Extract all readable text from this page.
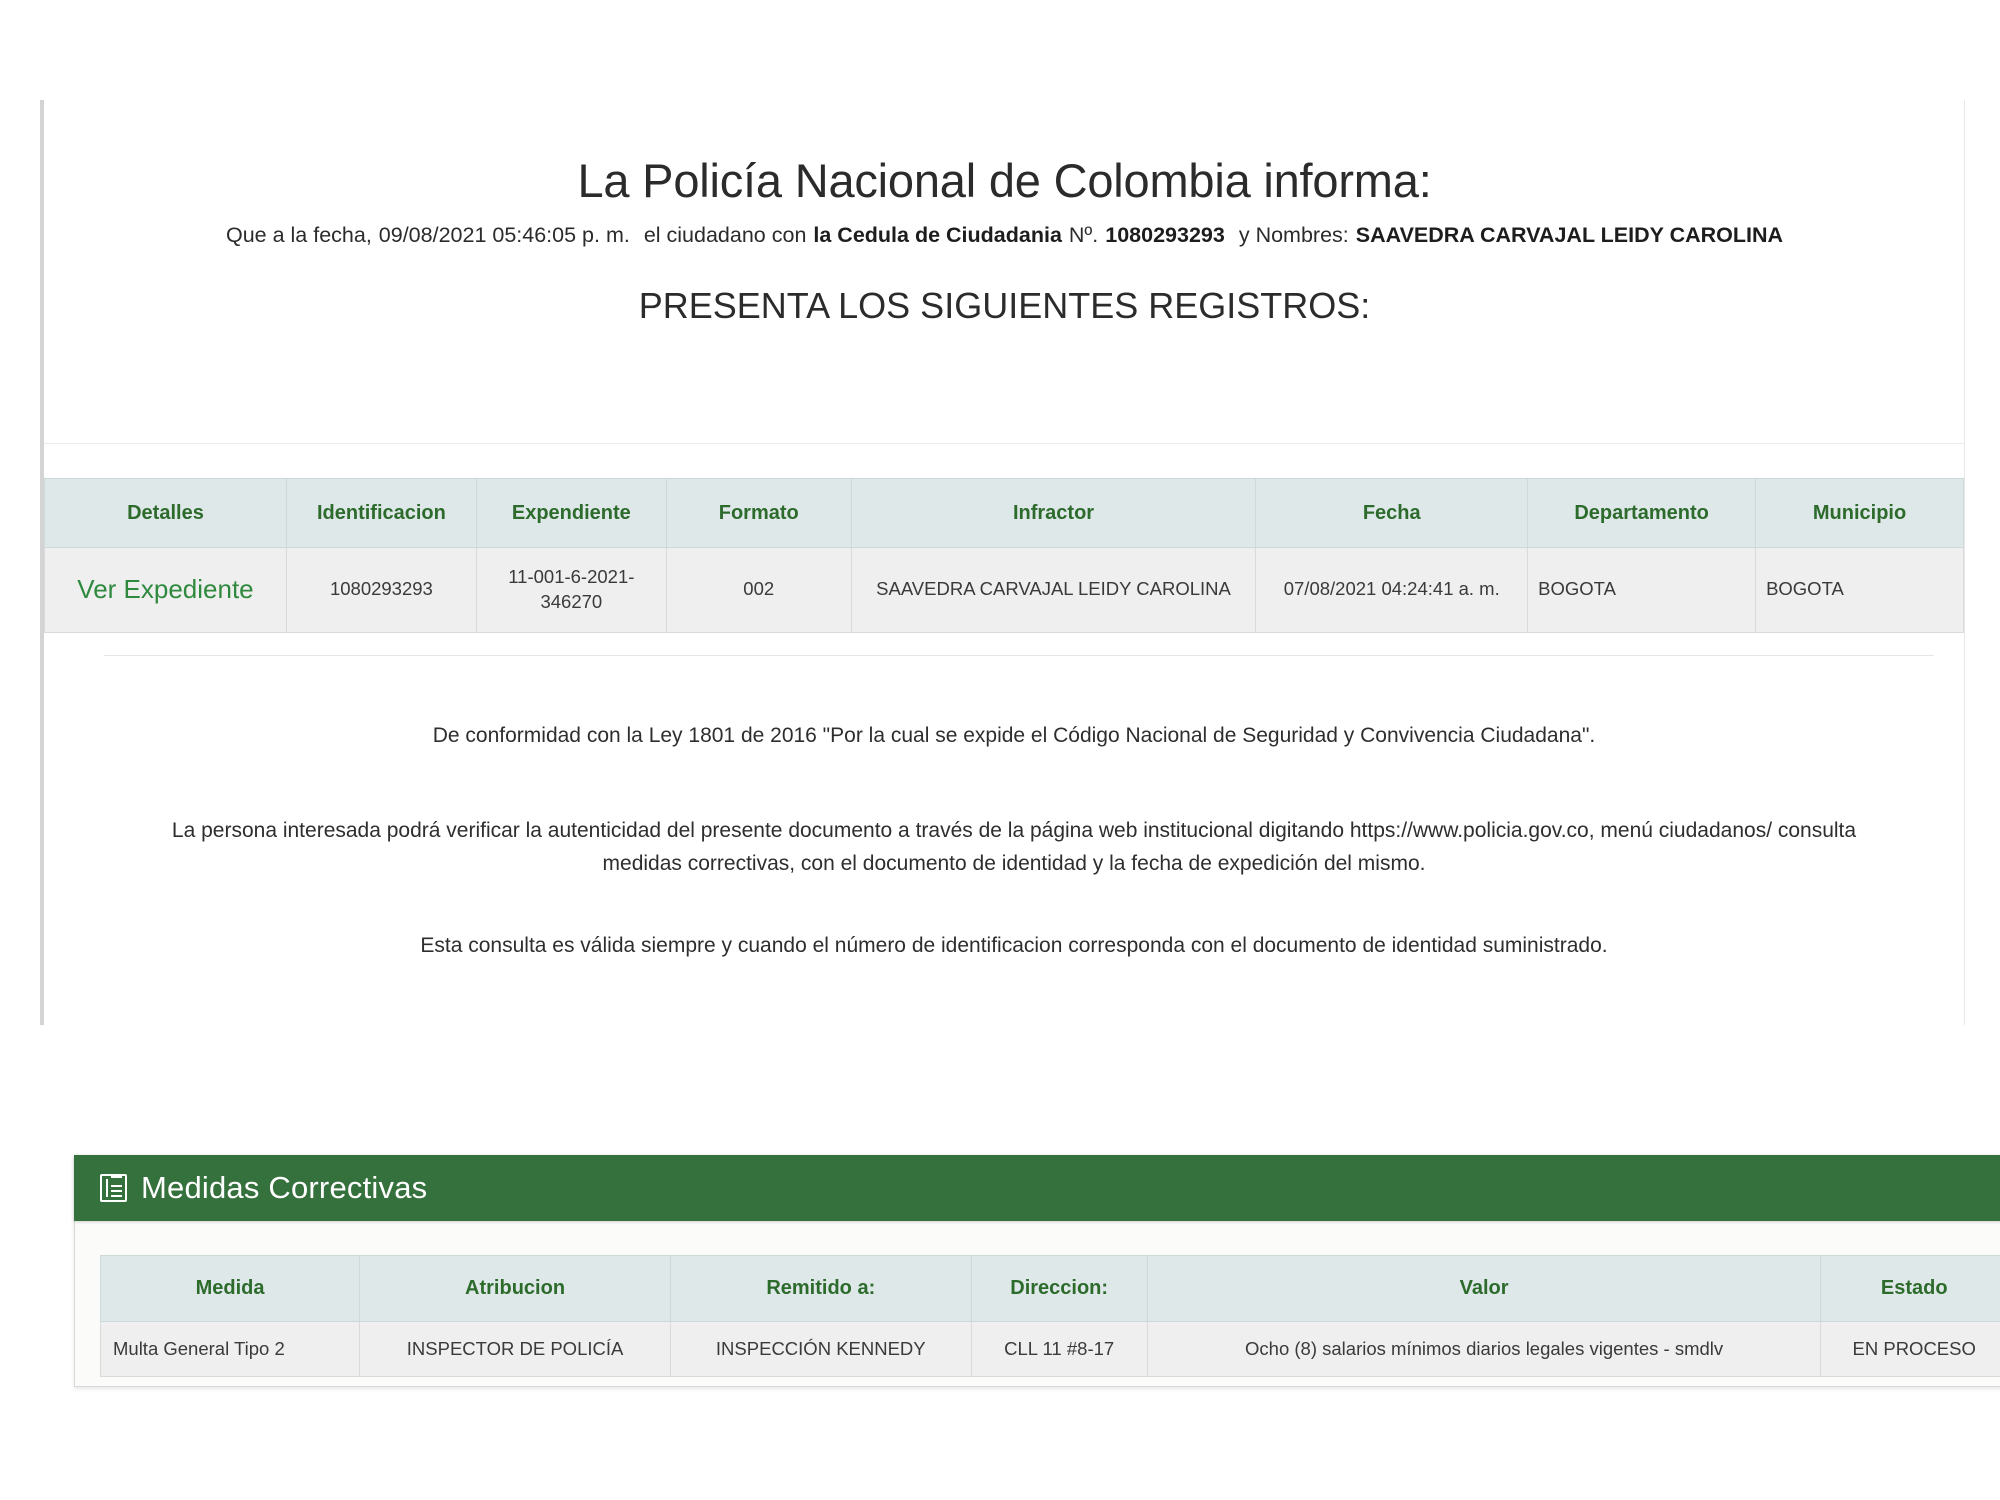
La Policía Nacional de Colombia informa:
Que a la fecha, 09/08/2021 05:46:05 p. m. el ciudadano con la Cedula de Ciudadania Nº. 1080293293 y Nombres: SAAVEDRA CARVAJAL LEIDY CAROLINA
PRESENTA LOS SIGUIENTES REGISTROS:
Detalles	Identificacion	Expendiente	Formato	Infractor	Fecha	Departamento	Municipio
Ver Expediente	1080293293	11-001-6-2021-346270	002	SAAVEDRA CARVAJAL LEIDY CAROLINA	07/08/2021 04:24:41 a. m.	BOGOTA	BOGOTA
De conformidad con la Ley 1801 de 2016 "Por la cual se expide el Código Nacional de Seguridad y Convivencia Ciudadana".
La persona interesada podrá verificar la autenticidad del presente documento a través de la página web institucional digitando https://www.policia.gov.co, menú ciudadanos/ consulta medidas correctivas, con el documento de identidad y la fecha de expedición del mismo.
Esta consulta es válida siempre y cuando el número de identificacion corresponda con el documento de identidad suministrado.
Medidas Correctivas
Medida	Atribucion	Remitido a:	Direccion:	Valor	Estado
Multa General Tipo 2	INSPECTOR DE POLICÍA	INSPECCIÓN KENNEDY	CLL 11 #8-17	Ocho (8) salarios mínimos diarios legales vigentes - smdlv	EN PROCESO
